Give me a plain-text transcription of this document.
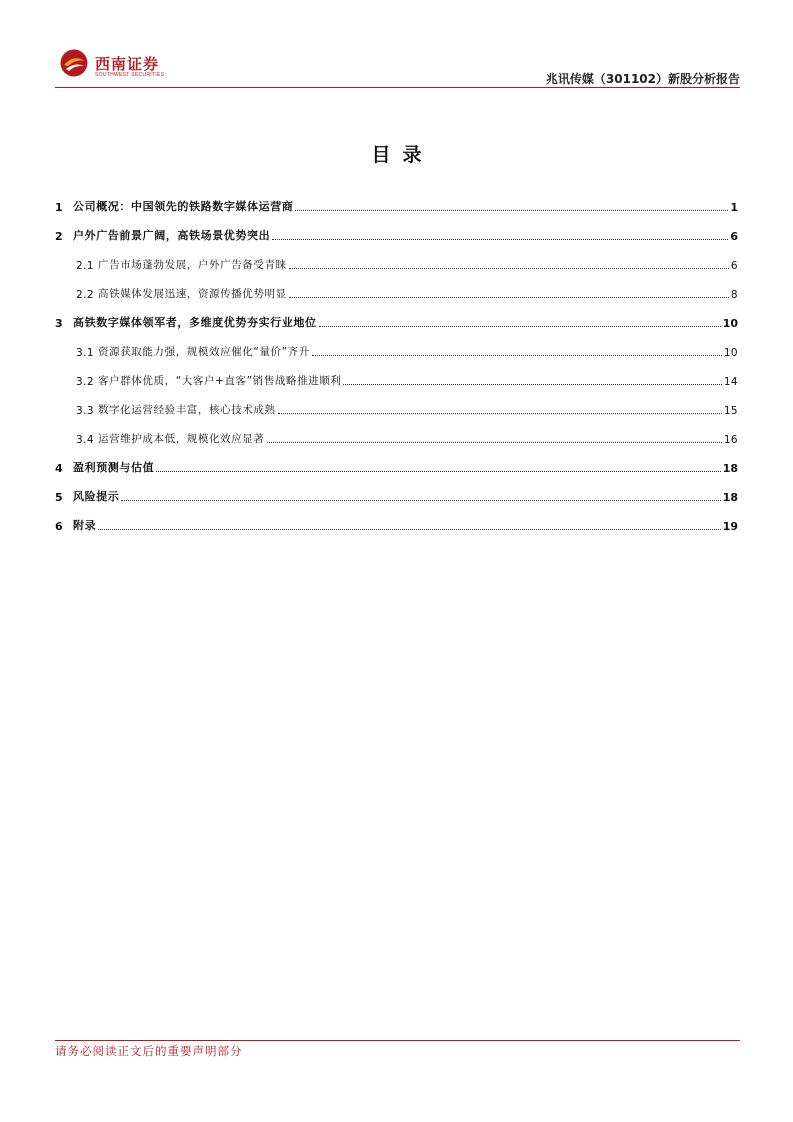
西南证券
SOUTHWEST SECURITIES	兆讯传媒（301102）新股分析报告
目录
1 公司概况：中国领先的铁路数字媒体运营商	1
2 户外广告前景广阔，高铁场景优势突出	6
2.1 广告市场蓬勃发展，户外广告备受青睐	6
2.2 高铁媒体发展迅速，资源传播优势明显	8
3 高铁数字媒体领军者，多维度优势夯实行业地位	10
3.1 资源获取能力强，规模效应催化“量价”齐升	10
3.2 客户群体优质，“大客户+直客”销售战略推进顺利	14
3.3 数字化运营经验丰富，核心技术成熟	15
3.4 运营维护成本低，规模化效应显著	16
4 盈利预测与估值	18
5 风险提示	18
6 附录	19
请务必阅读正文后的重要声明部分
